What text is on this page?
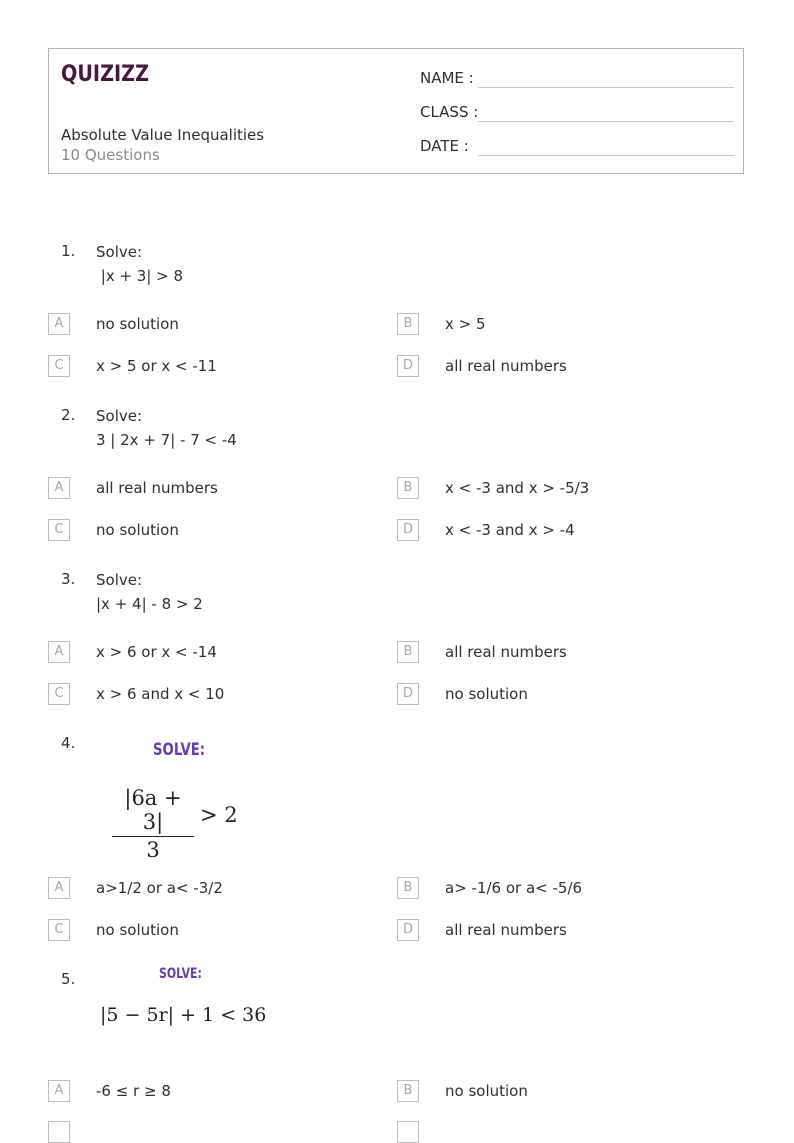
QUIZIZZ
Absolute Value Inequalities
10 Questions
NAME :
CLASS :
DATE :
1. Solve:
|x + 3| > 8
A	no solution	B	x > 5
C	x > 5 or x < -11	D	all real numbers
2. Solve:
3 | 2x + 7| - 7 < -4
A	all real numbers	B	x < -3 and x > -5/3
C	no solution	D	x < -3 and x > -4
3. Solve:
|x + 4| - 8 > 2
A	x > 6 or x < -14	B	all real numbers
C	x > 6 and x < 10	D	no solution
4.	SOLVE:
|6a + 3|
3
> 2
A	a>1/2 or a< -3/2	B	a> -1/6 or a< -5/6
C	no solution	D	all real numbers
5.	SOLVE:
|5 − 5r| + 1 < 36
A	-6 ≤ r ≥ 8	B	no solution
